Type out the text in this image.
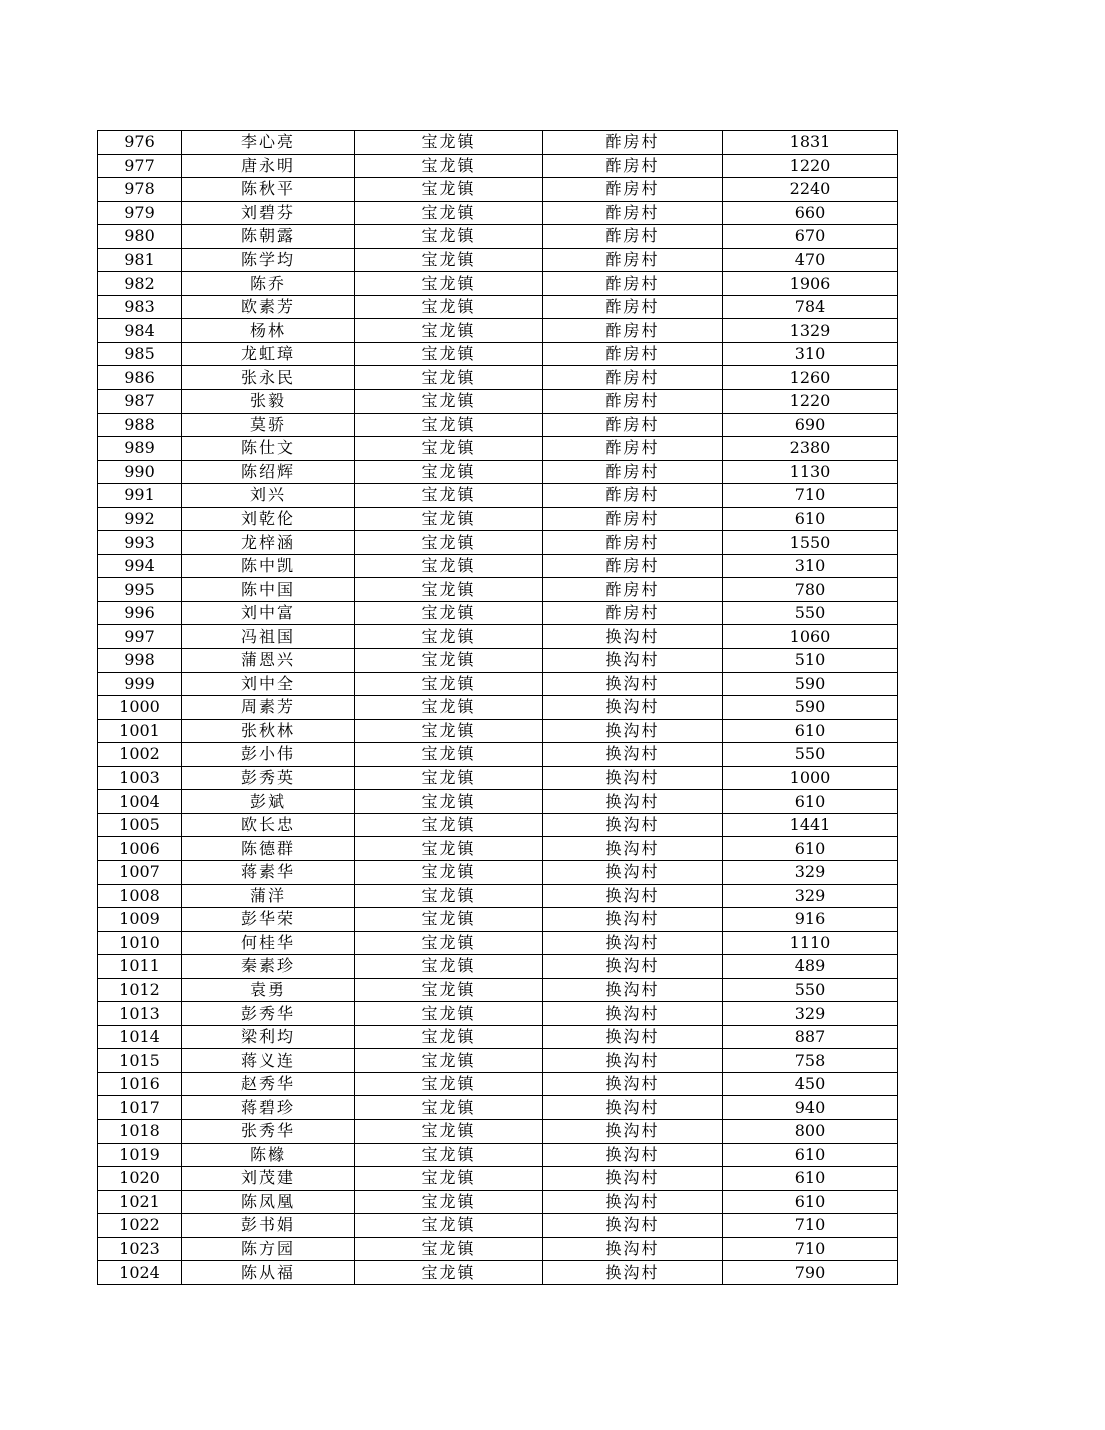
976	李心亮	宝龙镇	酢房村	1831
977	唐永明	宝龙镇	酢房村	1220
978	陈秋平	宝龙镇	酢房村	2240
979	刘碧芬	宝龙镇	酢房村	660
980	陈朝露	宝龙镇	酢房村	670
981	陈学均	宝龙镇	酢房村	470
982	陈乔	宝龙镇	酢房村	1906
983	欧素芳	宝龙镇	酢房村	784
984	杨林	宝龙镇	酢房村	1329
985	龙虹璋	宝龙镇	酢房村	310
986	张永民	宝龙镇	酢房村	1260
987	张毅	宝龙镇	酢房村	1220
988	莫骄	宝龙镇	酢房村	690
989	陈仕文	宝龙镇	酢房村	2380
990	陈绍辉	宝龙镇	酢房村	1130
991	刘兴	宝龙镇	酢房村	710
992	刘乾伦	宝龙镇	酢房村	610
993	龙梓涵	宝龙镇	酢房村	1550
994	陈中凯	宝龙镇	酢房村	310
995	陈中国	宝龙镇	酢房村	780
996	刘中富	宝龙镇	酢房村	550
997	冯祖国	宝龙镇	换沟村	1060
998	蒲恩兴	宝龙镇	换沟村	510
999	刘中全	宝龙镇	换沟村	590
1000	周素芳	宝龙镇	换沟村	590
1001	张秋林	宝龙镇	换沟村	610
1002	彭小伟	宝龙镇	换沟村	550
1003	彭秀英	宝龙镇	换沟村	1000
1004	彭斌	宝龙镇	换沟村	610
1005	欧长忠	宝龙镇	换沟村	1441
1006	陈德群	宝龙镇	换沟村	610
1007	蒋素华	宝龙镇	换沟村	329
1008	蒲洋	宝龙镇	换沟村	329
1009	彭华荣	宝龙镇	换沟村	916
1010	何桂华	宝龙镇	换沟村	1110
1011	秦素珍	宝龙镇	换沟村	489
1012	袁勇	宝龙镇	换沟村	550
1013	彭秀华	宝龙镇	换沟村	329
1014	梁利均	宝龙镇	换沟村	887
1015	蒋义连	宝龙镇	换沟村	758
1016	赵秀华	宝龙镇	换沟村	450
1017	蒋碧珍	宝龙镇	换沟村	940
1018	张秀华	宝龙镇	换沟村	800
1019	陈橼	宝龙镇	换沟村	610
1020	刘茂建	宝龙镇	换沟村	610
1021	陈凤凰	宝龙镇	换沟村	610
1022	彭书娟	宝龙镇	换沟村	710
1023	陈方园	宝龙镇	换沟村	710
1024	陈从福	宝龙镇	换沟村	790
